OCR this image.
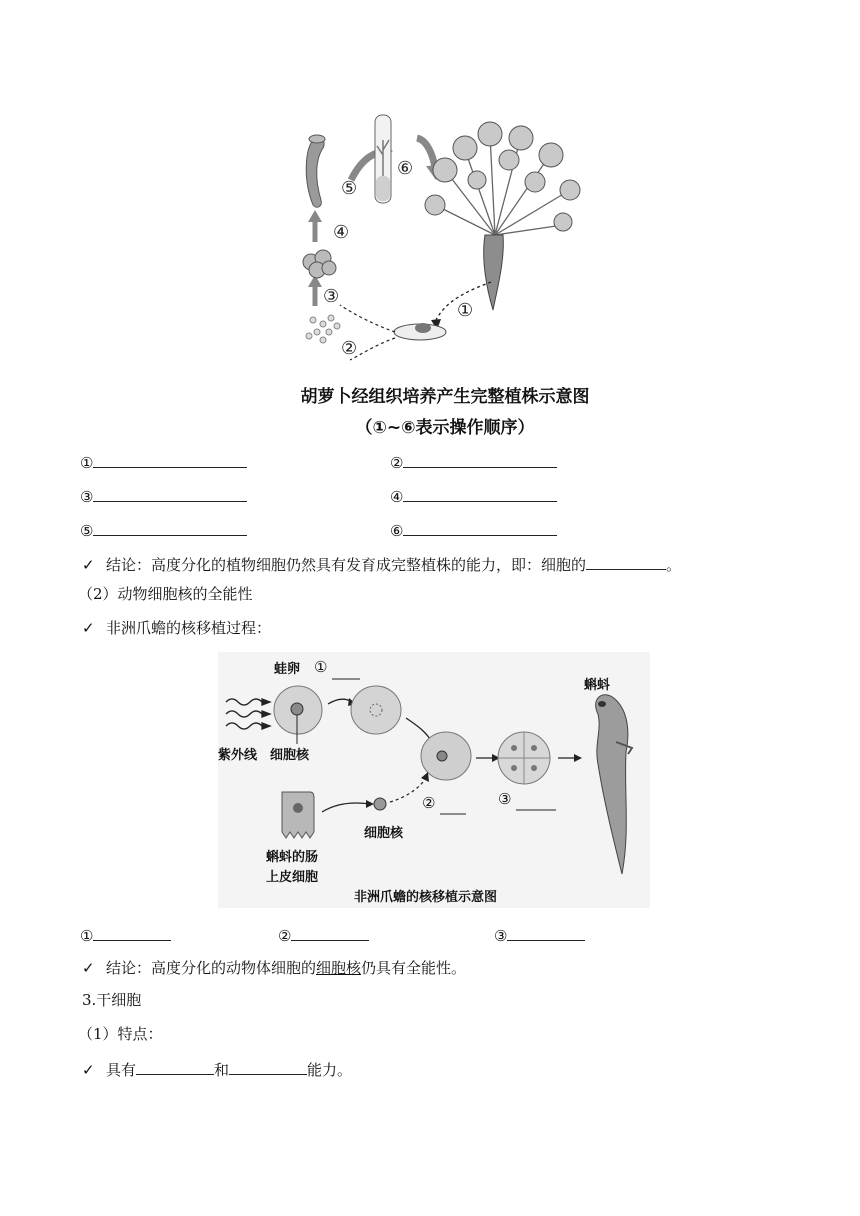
⑤
⑥
④
③
①
②
胡萝卜经组织培养产生完整植株示意图
（①~⑥表示操作顺序）
①	②
③	④
⑤	⑥
✓ 结论：高度分化的植物细胞仍然具有发育成完整植株的能力，即：细胞的	。
（2）动物细胞核的全能性
✓ 非洲爪蟾的核移植过程：
蛙卵 ①
紫外线 细胞核
②	③
蝌蚪
细胞核
蝌蚪的肠
上皮细胞
非洲爪蟾的核移植示意图
①	②	③
✓ 结论：高度分化的动物体细胞的细胞核仍具有全能性。
3.干细胞
（1）特点：
✓ 具有	和	能力。
